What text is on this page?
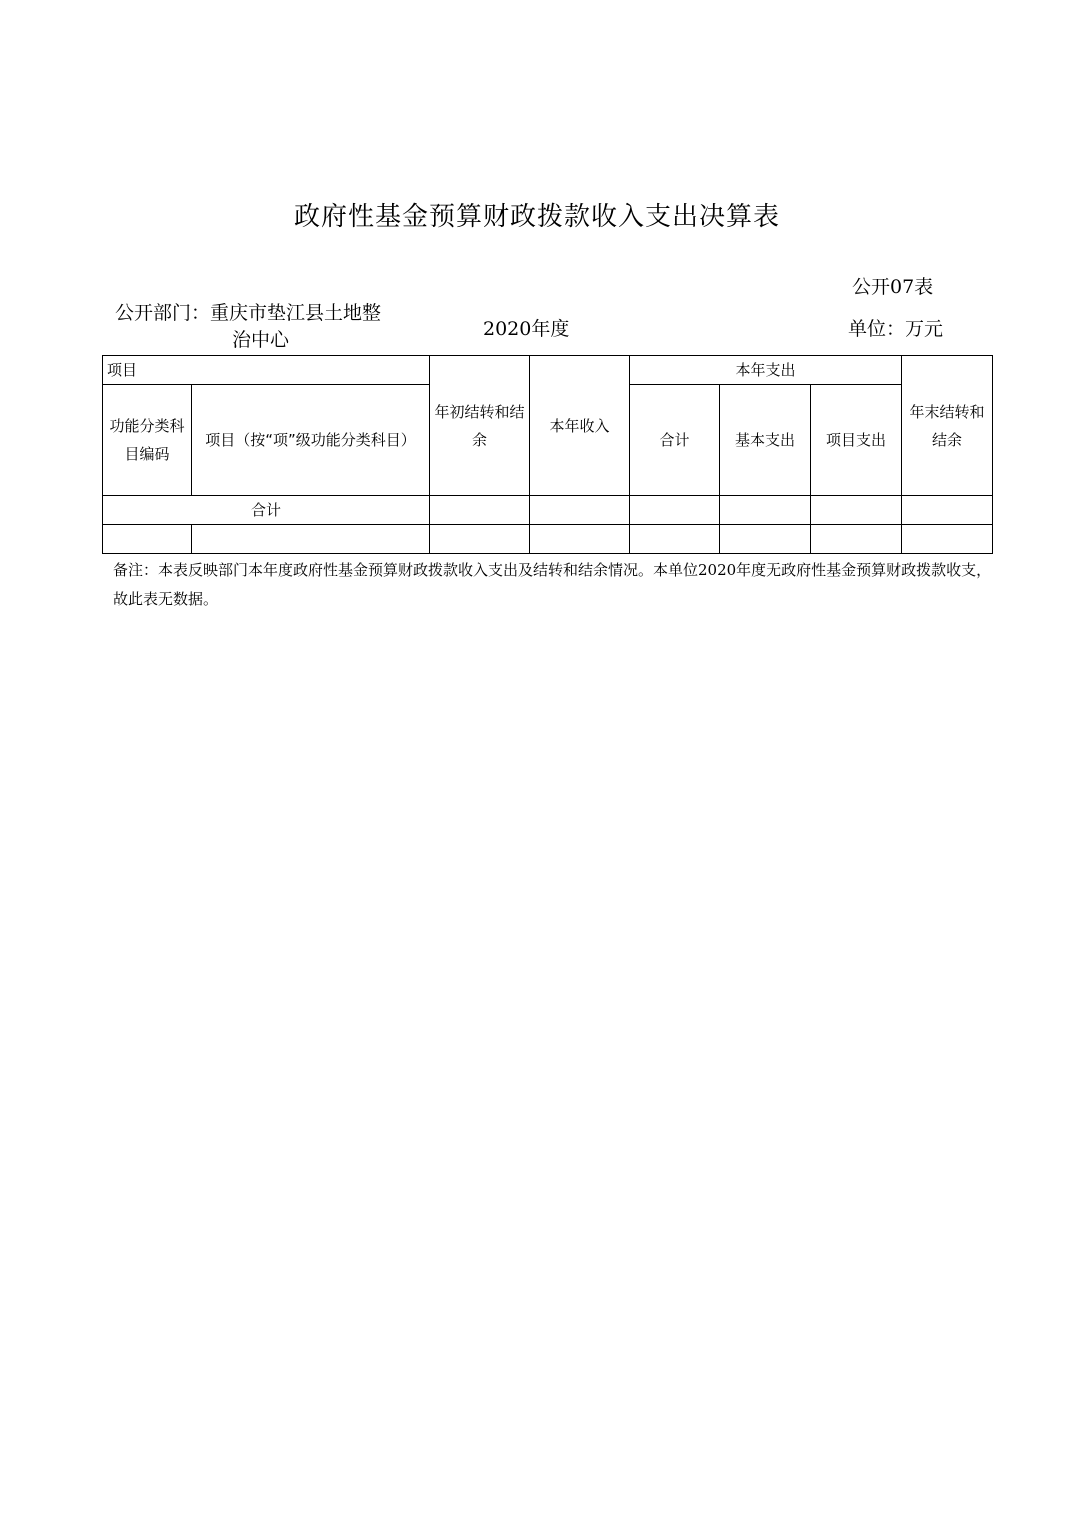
政府性基金预算财政拨款收入支出决算表
公开07表
公开部门：重庆市垫江县土地整
治中心	2020年度	单位：万元
项目		年初结转和结余	本年收入	本年支出			年末结转和结余
功能分类科目编码	项目（按“项”级功能分类科目）			合计	基本支出	项目支出	
合计							

备注：本表反映部门本年度政府性基金预算财政拨款收入支出及结转和结余情况。本单位2020年度无政府性基金预算财政拨款收支，故此表无数据。
